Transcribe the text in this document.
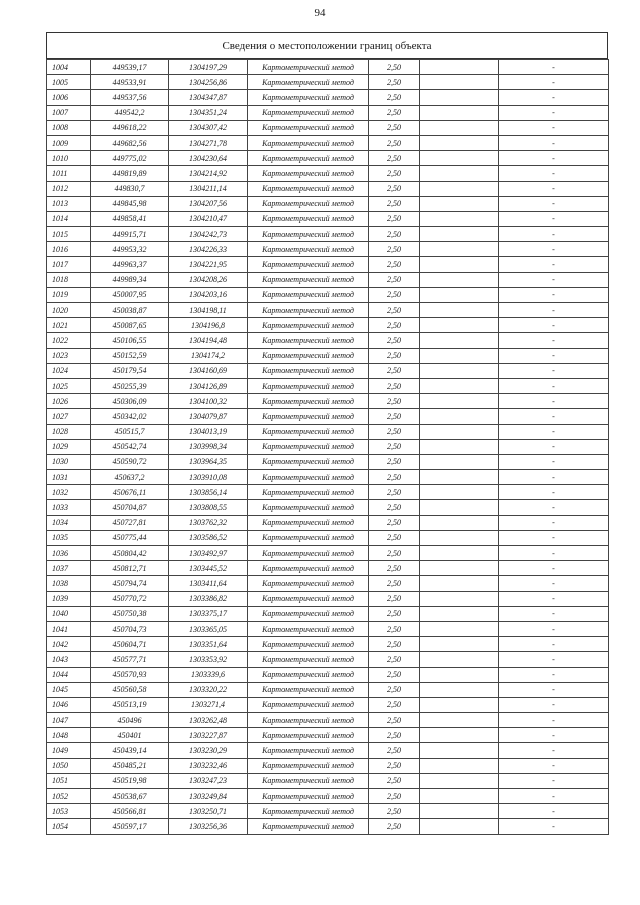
94
Сведения о местоположении границ объекта
1004	449539,17	1304197,29	Картометрический метод	2,50		-
1005	449533,91	1304256,86	Картометрический метод	2,50		-
1006	449537,56	1304347,87	Картометрический метод	2,50		-
1007	449542,2	1304351,24	Картометрический метод	2,50		-
1008	449618,22	1304307,42	Картометрический метод	2,50		-
1009	449682,56	1304271,78	Картометрический метод	2,50		-
1010	449775,02	1304230,64	Картометрический метод	2,50		-
1011	449819,89	1304214,92	Картометрический метод	2,50		-
1012	449830,7	1304211,14	Картометрический метод	2,50		-
1013	449845,98	1304207,56	Картометрический метод	2,50		-
1014	449858,41	1304210,47	Картометрический метод	2,50		-
1015	449915,71	1304242,73	Картометрический метод	2,50		-
1016	449953,32	1304226,33	Картометрический метод	2,50		-
1017	449963,37	1304221,95	Картометрический метод	2,50		-
1018	449989,34	1304208,26	Картометрический метод	2,50		-
1019	450007,95	1304203,16	Картометрический метод	2,50		-
1020	450038,87	1304198,11	Картометрический метод	2,50		-
1021	450087,65	1304196,8	Картометрический метод	2,50		-
1022	450106,55	1304194,48	Картометрический метод	2,50		-
1023	450152,59	1304174,2	Картометрический метод	2,50		-
1024	450179,54	1304160,69	Картометрический метод	2,50		-
1025	450255,39	1304126,89	Картометрический метод	2,50		-
1026	450306,09	1304100,32	Картометрический метод	2,50		-
1027	450342,02	1304079,87	Картометрический метод	2,50		-
1028	450515,7	1304013,19	Картометрический метод	2,50		-
1029	450542,74	1303998,34	Картометрический метод	2,50		-
1030	450590,72	1303964,35	Картометрический метод	2,50		-
1031	450637,2	1303910,08	Картометрический метод	2,50		-
1032	450676,11	1303856,14	Картометрический метод	2,50		-
1033	450704,87	1303808,55	Картометрический метод	2,50		-
1034	450727,81	1303762,32	Картометрический метод	2,50		-
1035	450775,44	1303586,52	Картометрический метод	2,50		-
1036	450804,42	1303492,97	Картометрический метод	2,50		-
1037	450812,71	1303445,52	Картометрический метод	2,50		-
1038	450794,74	1303411,64	Картометрический метод	2,50		-
1039	450770,72	1303386,82	Картометрический метод	2,50		-
1040	450750,38	1303375,17	Картометрический метод	2,50		-
1041	450704,73	1303365,05	Картометрический метод	2,50		-
1042	450604,71	1303351,64	Картометрический метод	2,50		-
1043	450577,71	1303353,92	Картометрический метод	2,50		-
1044	450570,93	1303339,6	Картометрический метод	2,50		-
1045	450560,58	1303320,22	Картометрический метод	2,50		-
1046	450513,19	1303271,4	Картометрический метод	2,50		-
1047	450496	1303262,48	Картометрический метод	2,50		-
1048	450401	1303227,87	Картометрический метод	2,50		-
1049	450439,14	1303230,29	Картометрический метод	2,50		-
1050	450485,21	1303232,46	Картометрический метод	2,50		-
1051	450519,98	1303247,23	Картометрический метод	2,50		-
1052	450538,67	1303249,84	Картометрический метод	2,50		-
1053	450566,81	1303250,71	Картометрический метод	2,50		-
1054	450597,17	1303256,36	Картометрический метод	2,50		-
